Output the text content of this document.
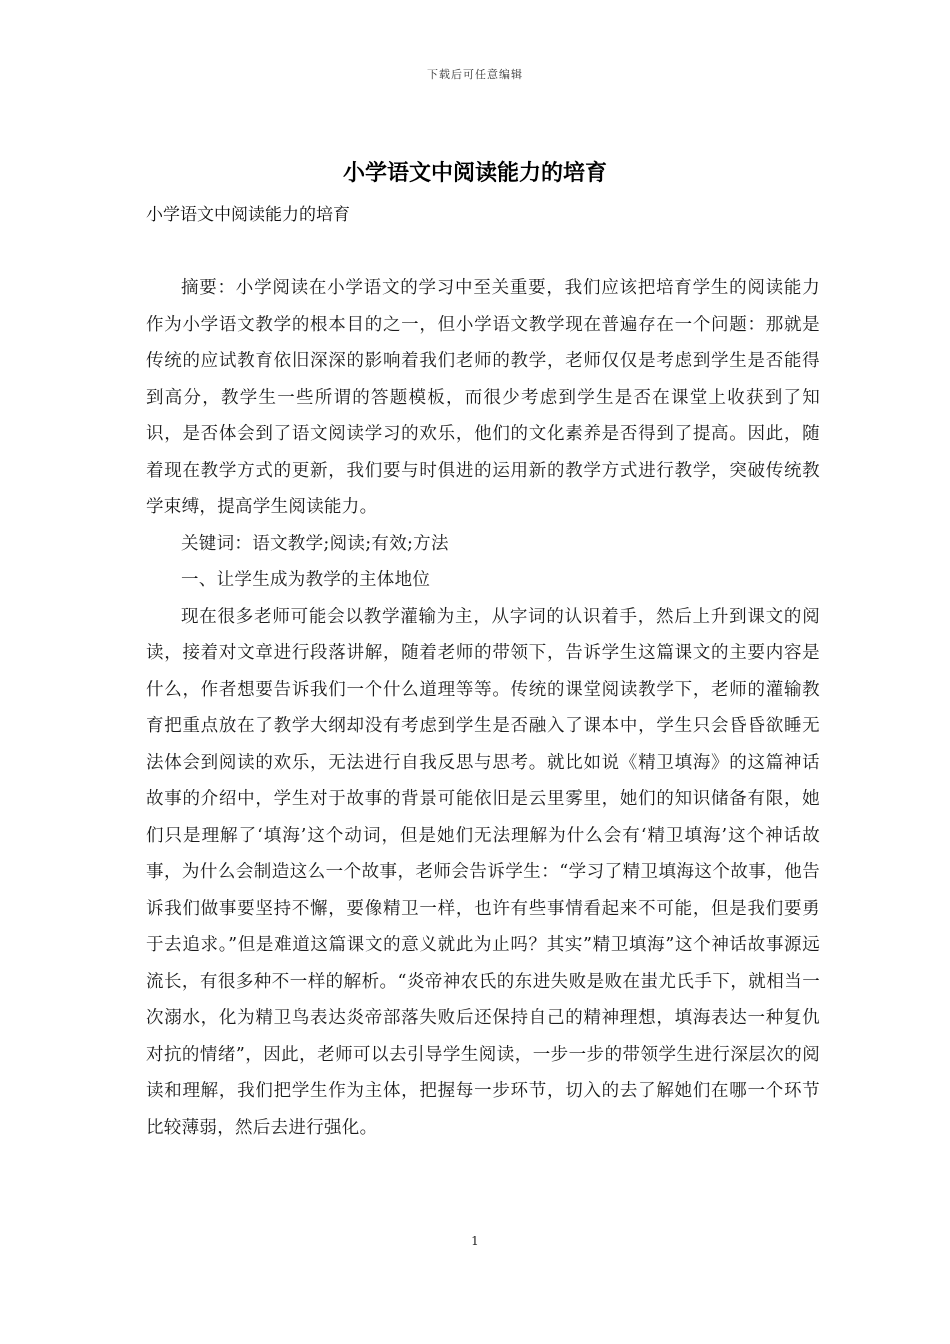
下载后可任意编辑
小学语文中阅读能力的培育
小学语文中阅读能力的培育

摘要：小学阅读在小学语文的学习中至关重要，我们应该把培育学生的阅读能力作为小学语文教学的根本目的之一，但小学语文教学现在普遍存在一个问题：那就是传统的应试教育依旧深深的影响着我们老师的教学，老师仅仅是考虑到学生是否能得到高分，教学生一些所谓的答题模板，而很少考虑到学生是否在课堂上收获到了知识，是否体会到了语文阅读学习的欢乐，他们的文化素养是否得到了提高。因此，随着现在教学方式的更新，我们要与时俱进的运用新的教学方式进行教学，突破传统教学束缚，提高学生阅读能力。

关键词：语文教学;阅读;有效;方法

一、让学生成为教学的主体地位

现在很多老师可能会以教学灌输为主，从字词的认识着手，然后上升到课文的阅读，接着对文章进行段落讲解，随着老师的带领下，告诉学生这篇课文的主要内容是什么，作者想要告诉我们一个什么道理等等。传统的课堂阅读教学下，老师的灌输教育把重点放在了教学大纲却没有考虑到学生是否融入了课本中，学生只会昏昏欲睡无法体会到阅读的欢乐，无法进行自我反思与思考。就比如说《精卫填海》的这篇神话故事的介绍中，学生对于故事的背景可能依旧是云里雾里，她们的知识储备有限，她们只是理解了‘填海’这个动词，但是她们无法理解为什么会有‘精卫填海’这个神话故事，为什么会制造这么一个故事，老师会告诉学生：“学习了精卫填海这个故事，他告诉我们做事要坚持不懈，要像精卫一样，也许有些事情看起来不可能，但是我们要勇于去追求。”但是难道这篇课文的意义就此为止吗？其实”精卫填海”这个神话故事源远流长，有很多种不一样的解析。“炎帝神农氏的东进失败是败在蚩尤氏手下，就相当一次溺水，化为精卫鸟表达炎帝部落失败后还保持自己的精神理想，填海表达一种复仇对抗的情绪”，因此，老师可以去引导学生阅读，一步一步的带领学生进行深层次的阅读和理解，我们把学生作为主体，把握每一步环节，切入的去了解她们在哪一个环节比较薄弱，然后去进行强化。

1
